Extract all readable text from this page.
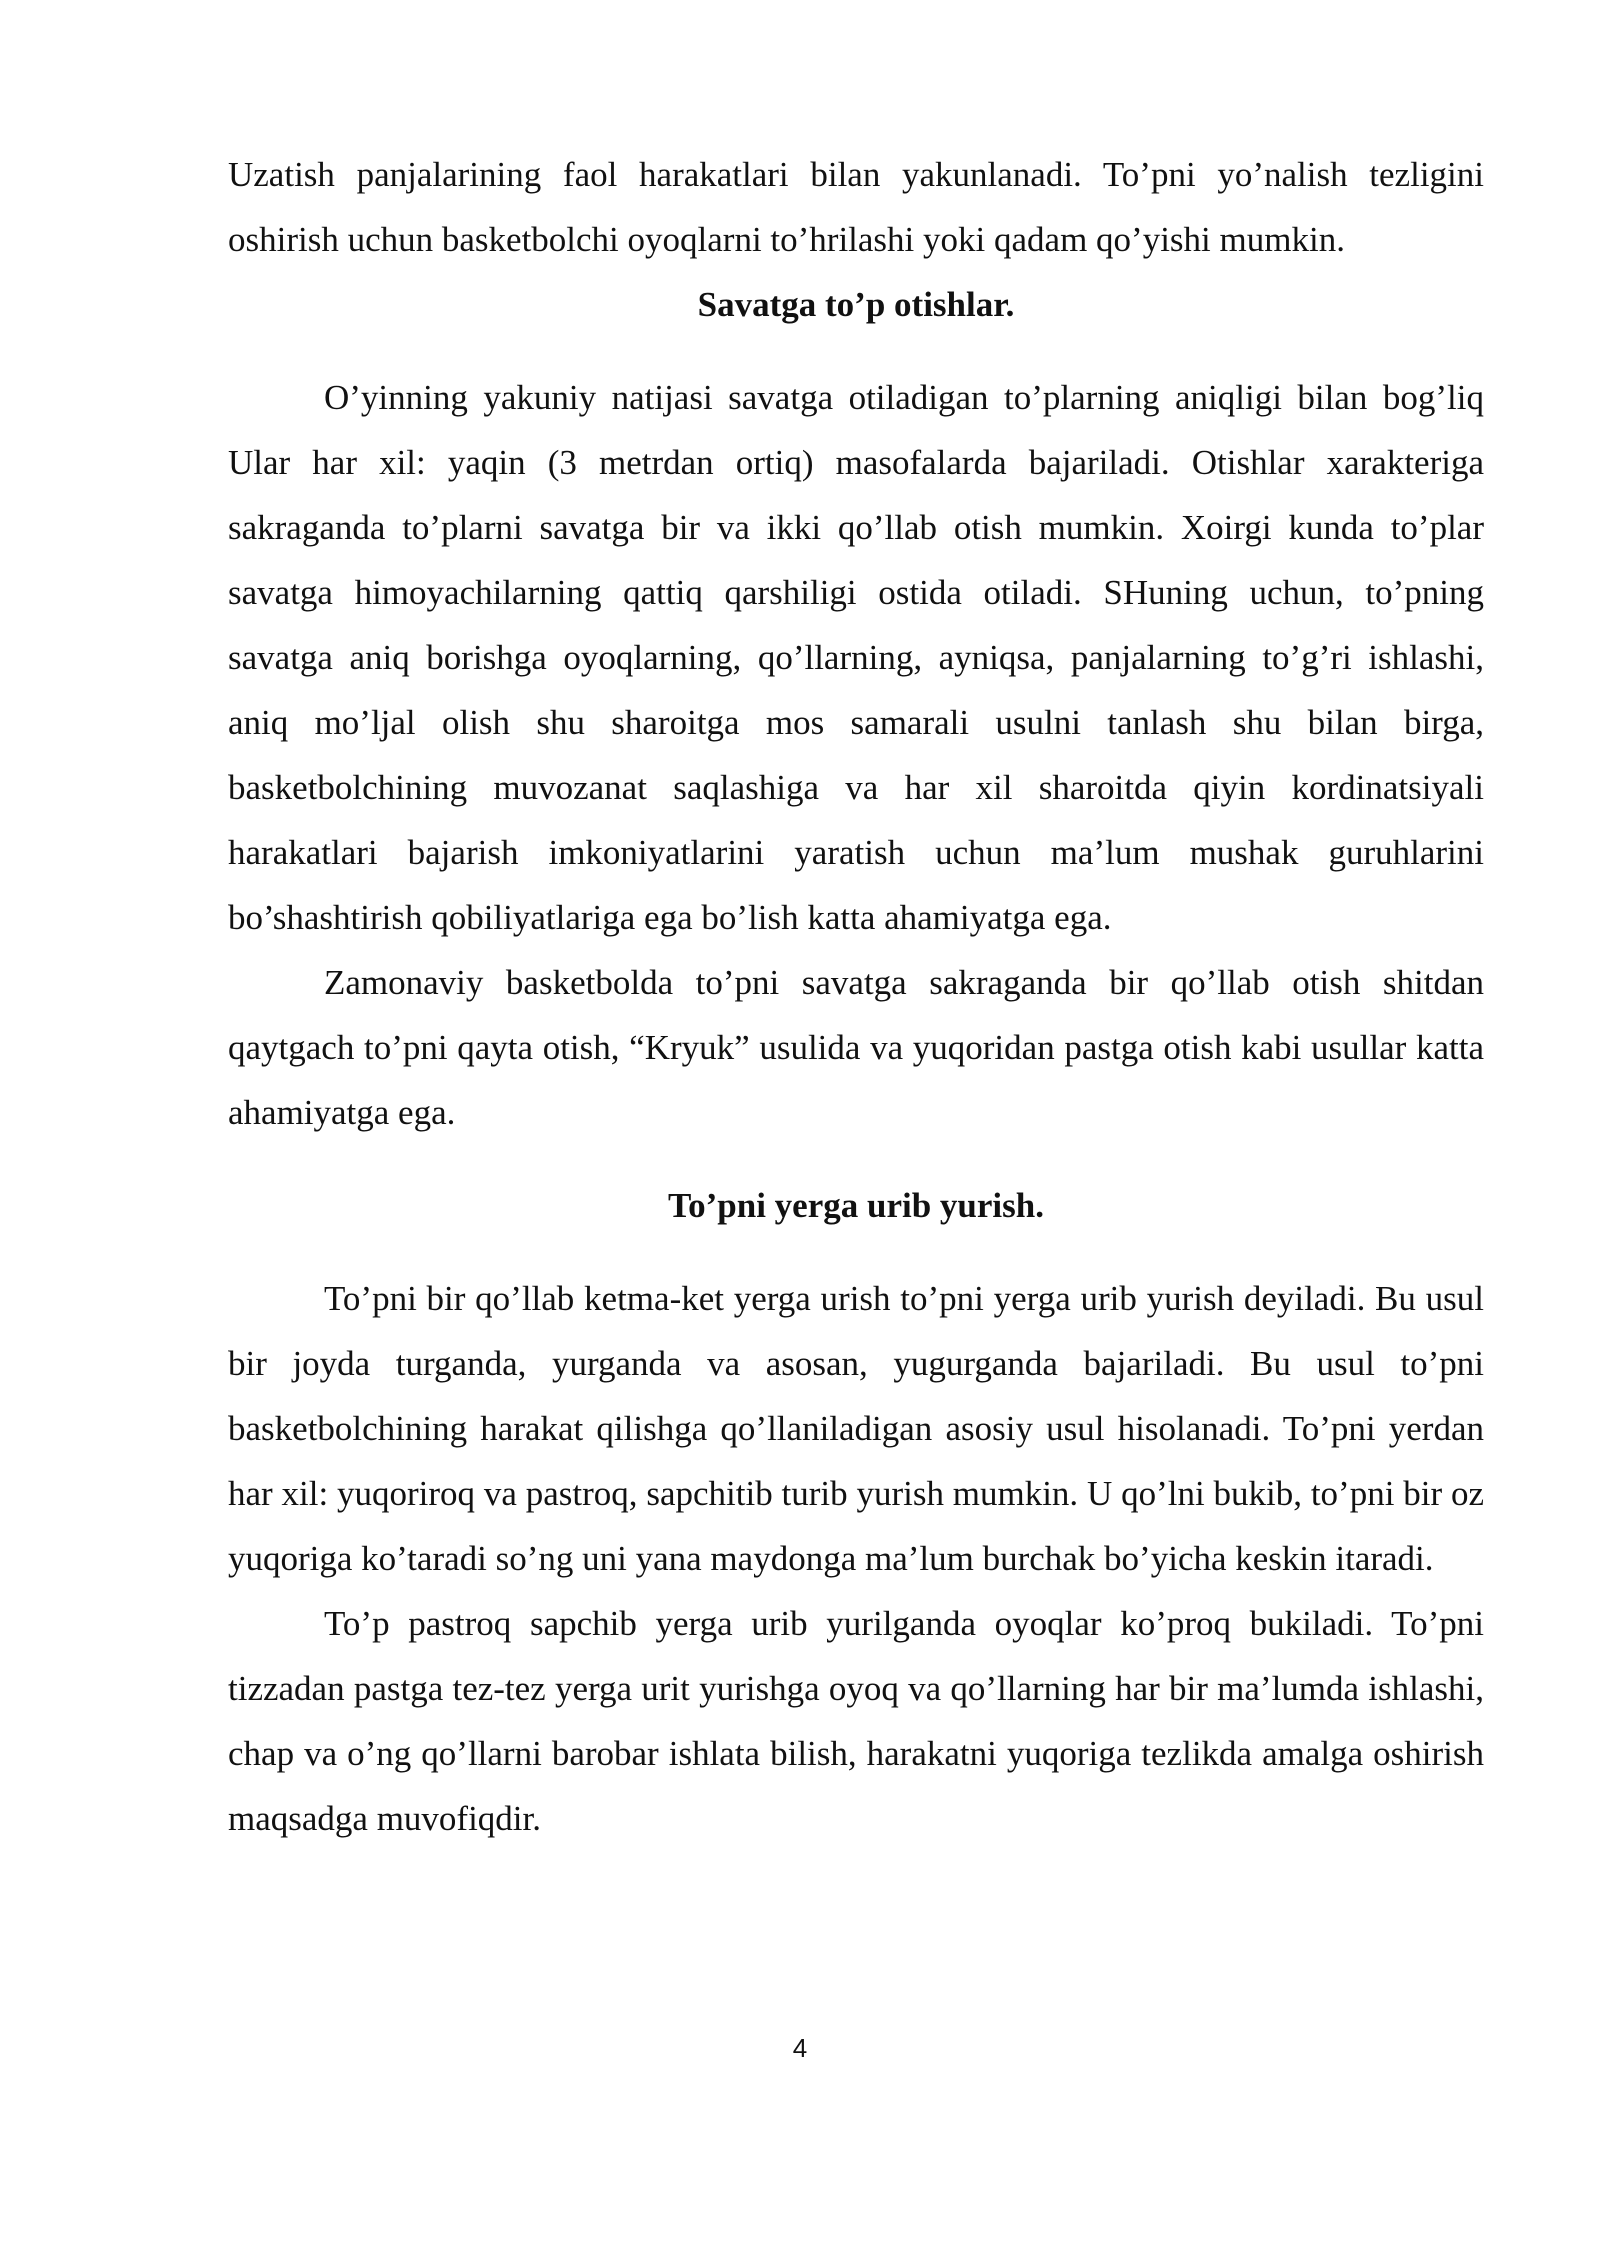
Uzatish panjalarining faol harakatlari bilan yakunlanadi. To’pni yo’nalish tezligini oshirish uchun basketbolchi oyoqlarni to’hrilashi yoki qadam qo’yishi mumkin.

Savatga to’p otishlar.

O’yinning yakuniy natijasi savatga otiladigan to’plarning aniqligi bilan bog’liq Ular har xil: yaqin (3 metrdan ortiq) masofalarda bajariladi. Otishlar xarakteriga sakraganda to’plarni savatga bir va ikki qo’llab otish mumkin. Xoirgi kunda to’plar savatga himoyachilarning qattiq qarshiligi ostida otiladi. SHuning uchun, to’pning savatga aniq borishga oyoqlarning, qo’llarning, ayniqsa, panjalarning to’g’ri ishlashi, aniq mo’ljal olish shu sharoitga mos samarali usulni tanlash shu bilan birga, basketbolchining muvozanat saqlashiga va har xil sharoitda qiyin kordinatsiyali harakatlari bajarish imkoniyatlarini yaratish uchun ma’lum mushak guruhlarini bo’shashtirish qobiliyatlariga ega bo’lish katta ahamiyatga ega.

Zamonaviy basketbolda to’pni savatga sakraganda bir qo’llab otish shitdan qaytgach to’pni qayta otish, “Kryuk” usulida va yuqoridan pastga otish kabi usullar katta ahamiyatga ega.

To’pni yerga urib yurish.

To’pni bir qo’llab ketma-ket yerga urish to’pni yerga urib yurish deyiladi. Bu usul bir joyda turganda, yurganda va asosan, yugurganda bajariladi. Bu usul to’pni basketbolchining harakat qilishga qo’llaniladigan asosiy usul hisolanadi. To’pni yerdan har xil: yuqoriroq va pastroq, sapchitib turib yurish mumkin. U qo’lni bukib, to’pni bir oz yuqoriga ko’taradi so’ng uni yana maydonga ma’lum burchak bo’yicha keskin itaradi.

To’p pastroq sapchib yerga urib yurilganda oyoqlar ko’proq bukiladi. To’pni tizzadan pastga tez-tez yerga urit yurishga oyoq va qo’llarning har bir ma’lumda ishlashi, chap va o’ng qo’llarni barobar ishlata bilish, harakatni yuqoriga tezlikda amalga oshirish maqsadga muvofiqdir.

4
